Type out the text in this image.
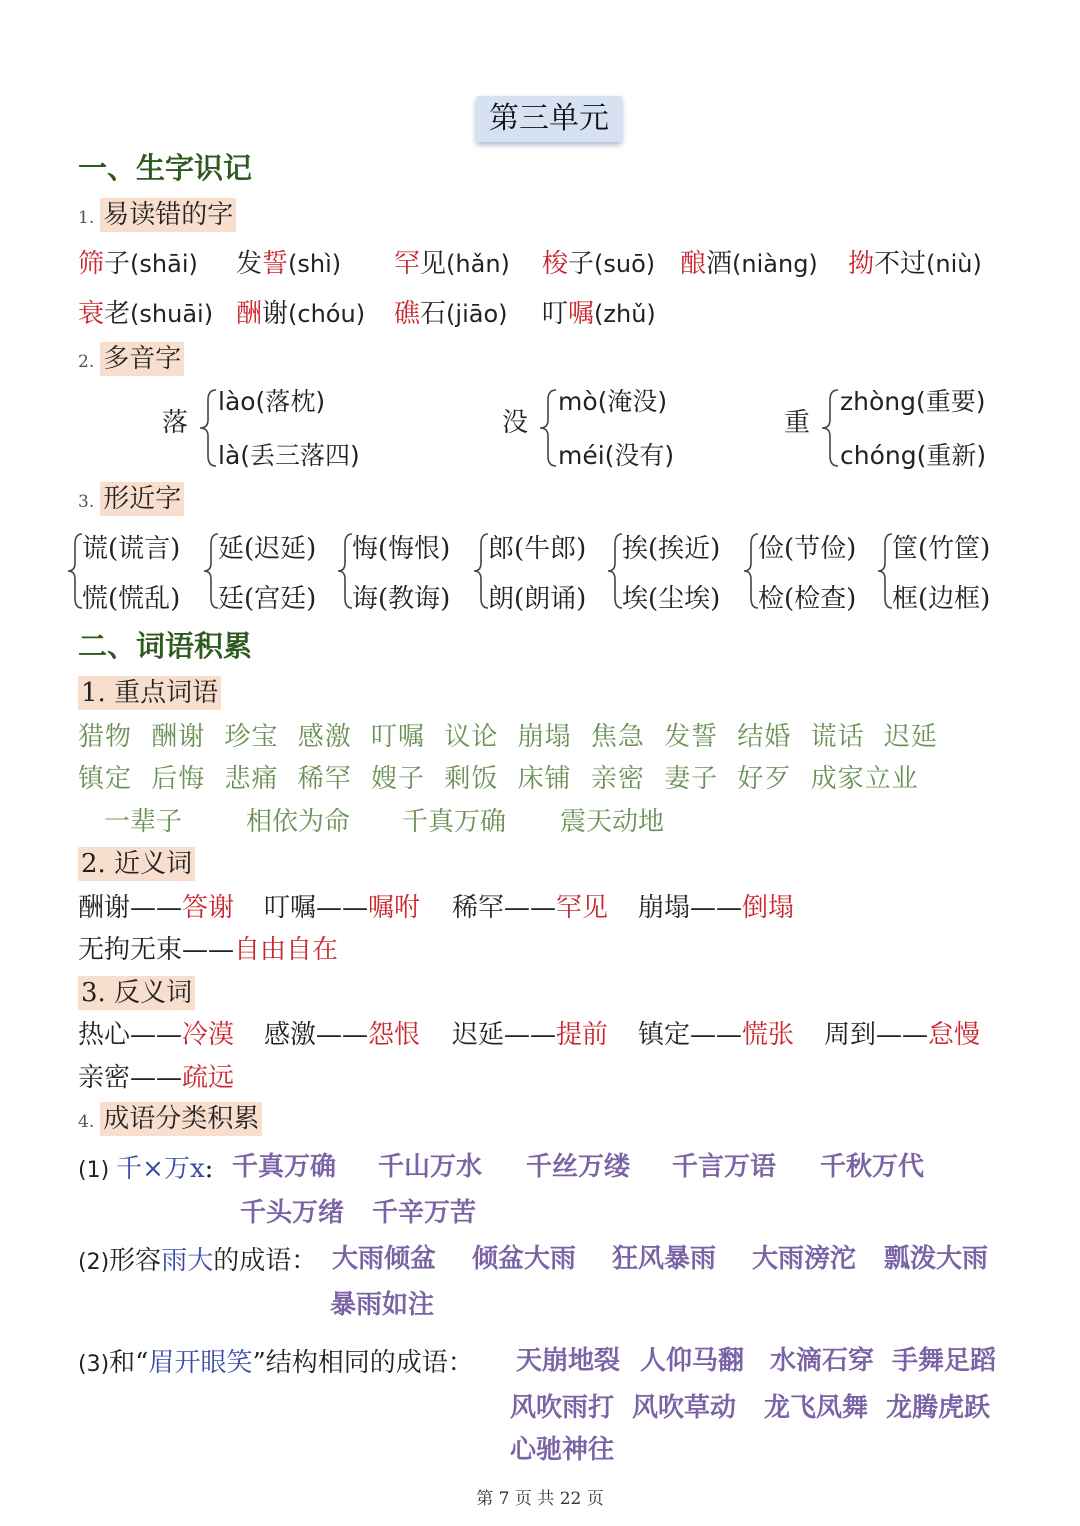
第三单元
一、生字识记
1. 易读错的字
筛子(shāi) 发誓(shì) 罕见(hǎn) 梭子(suō) 酿酒(niàng) 拗不过(niù)
衰老(shuāi) 酬谢(chóu) 礁石(jiāo) 叮嘱(zhǔ)
2. 多音字
落
lào(落枕)
là(丢三落四)
没
mò(淹没)
méi(没有)
重
zhòng(重要)
chóng(重新)
3. 形近字
谎(谎言)
慌(慌乱)
延(迟延)
廷(宫廷)
悔(悔恨)
诲(教诲)
郎(牛郎)
朗(朗诵)
挨(挨近)
埃(尘埃)
俭(节俭)
检(检查)
筐(竹筐)
框(边框)
二、词语积累
1. 重点词语
猎物 酬谢 珍宝 感激 叮嘱 议论 崩塌 焦急 发誓 结婚 谎话 迟延
镇定 后悔 悲痛 稀罕 嫂子 剩饭 床铺 亲密 妻子 好歹 成家立业
一辈子 相依为命 千真万确 震天动地
2. 近义词
酬谢——答谢 叮嘱——嘱咐 稀罕——罕见 崩塌——倒塌
无拘无束——自由自在
3. 反义词
热心——冷漠 感激——怨恨 迟延——提前 镇定——慌张 周到——怠慢
亲密——疏远
4. 成语分类积累
(1) 千×万x: 千真万确 千山万水 千丝万缕 千言万语 千秋万代
千头万绪 千辛万苦
(2)形容雨大的成语： 大雨倾盆 倾盆大雨 狂风暴雨 大雨滂沱 瓢泼大雨
暴雨如注
(3)和“眉开眼笑”结构相同的成语： 天崩地裂 人仰马翻 水滴石穿 手舞足蹈
风吹雨打 风吹草动 龙飞凤舞 龙腾虎跃
心驰神往
第 7 页 共 22 页
